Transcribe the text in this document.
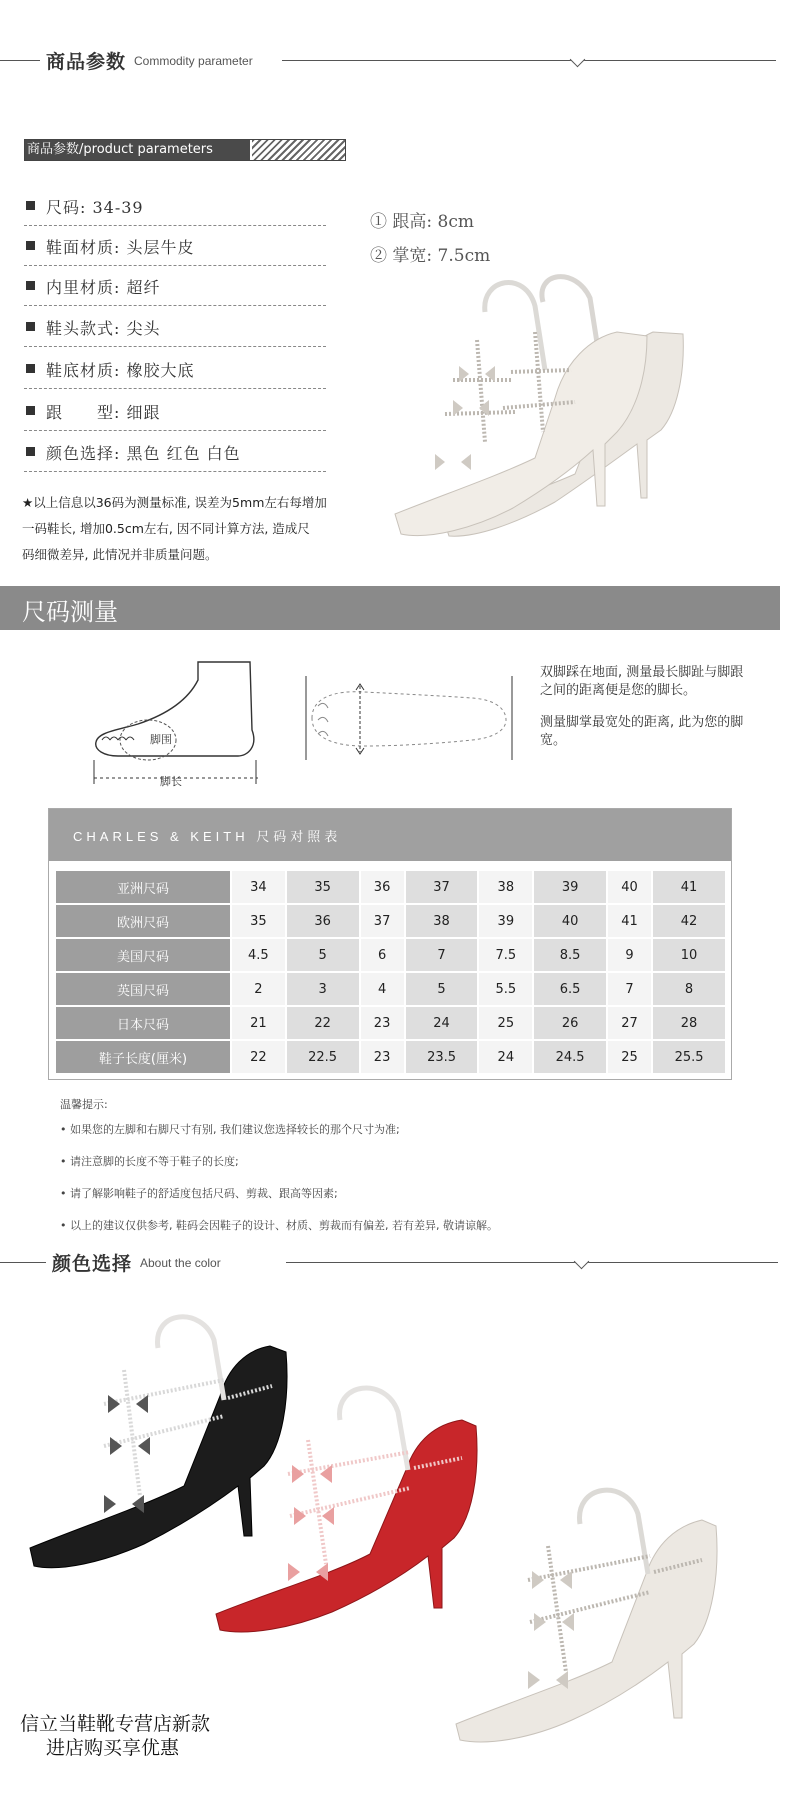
商品参数 Commodity parameter
商品参数/product parameters
尺码: 34-39
鞋面材质: 头层牛皮
内里材质: 超纤
鞋头款式: 尖头
鞋底材质: 橡胶大底
跟　　型: 细跟
颜色选择: 黑色 红色 白色
★以上信息以36码为测量标准, 误差为5mm左右每增加
一码鞋长, 增加0.5cm左右, 因不同计算方法, 造成尺
码细微差异, 此情况并非质量问题。
① 跟高: 8cm
② 掌宽: 7.5cm
尺码测量
脚围
脚长
双脚踩在地面, 测量最长脚趾与脚跟之间的距离便是您的脚长。
测量脚掌最宽处的距离, 此为您的脚宽。
CHARLES & KEITH 尺码对照表
亚洲尺码	34	35	36	37	38	39	40	41
欧洲尺码	35	36	37	38	39	40	41	42
美国尺码	4.5	5	6	7	7.5	8.5	9	10
英国尺码	2	3	4	5	5.5	6.5	7	8
日本尺码	21	22	23	24	25	26	27	28
鞋子长度(厘米)	22	22.5	23	23.5	24	24.5	25	25.5
温馨提示:
• 如果您的左脚和右脚尺寸有别, 我们建议您选择较长的那个尺寸为准;
• 请注意脚的长度不等于鞋子的长度;
• 请了解影响鞋子的舒适度包括尺码、剪裁、跟高等因素;
• 以上的建议仅供参考, 鞋码会因鞋子的设计、材质、剪裁而有偏差, 若有差异, 敬请谅解。
颜色选择 About the color
信立当鞋靴专营店新款
进店购买享优惠
